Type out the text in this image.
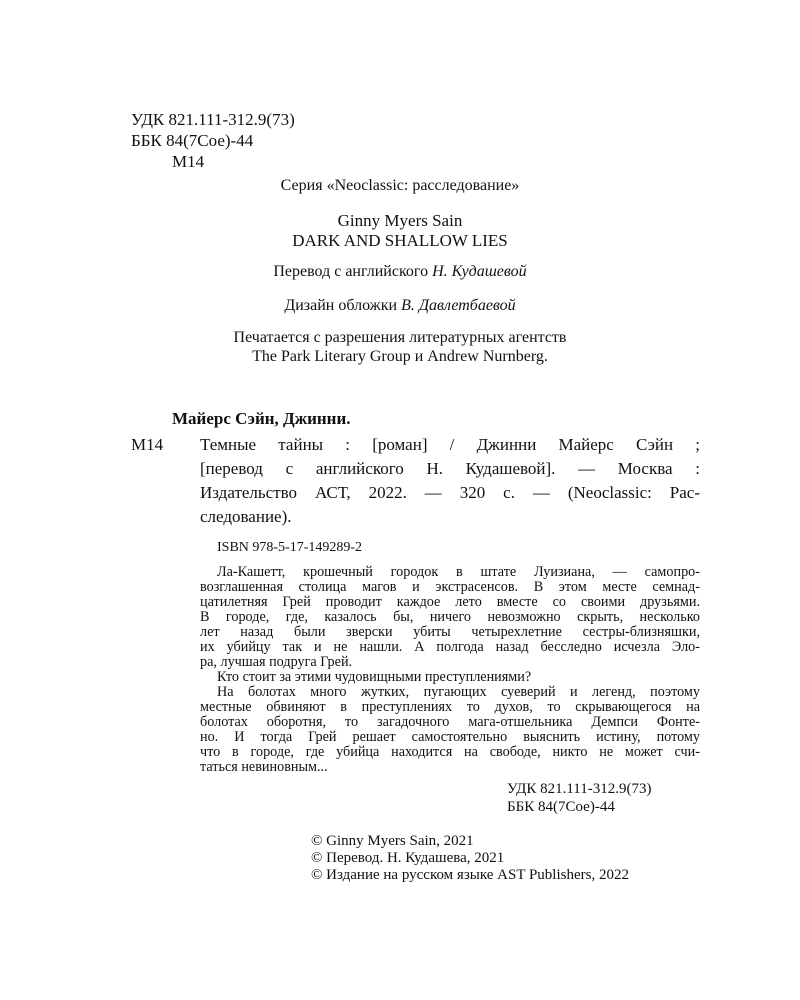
УДК 821.111-312.9(73)
ББК 84(7Сое)-44
М14
Серия «Neoclassic: расследование»
Ginny Myers Sain
DARK AND SHALLOW LIES
Перевод с английского Н. Кудашевой
Дизайн обложки В. Давлетбаевой
Печатается с разрешения литературных агентств
The Park Literary Group и Andrew Nurnberg.
Майерс Сэйн, Джинни.
М14 Темные тайны : [роман] / Джинни Майерс Сэйн ;
[перевод с английского Н. Кудашевой]. — Москва :
Издательство АСТ, 2022. — 320 с. — (Neoclassic: Рас-
следование).
ISBN 978-5-17-149289-2
Ла-Кашетт, крошечный городок в штате Луизиана, — самопро-
возглашенная столица магов и экстрасенсов. В этом месте семнад-
цатилетняя Грей проводит каждое лето вместе со своими друзьями.
В городе, где, казалось бы, ничего невозможно скрыть, несколько
лет назад были зверски убиты четырехлетние сестры-близняшки,
их убийцу так и не нашли. А полгода назад бесследно исчезла Эло-
ра, лучшая подруга Грей.
Кто стоит за этими чудовищными преступлениями?
На болотах много жутких, пугающих суеверий и легенд, поэтому
местные обвиняют в преступлениях то духов, то скрывающегося на
болотах оборотня, то загадочного мага-отшельника Демпси Фонте-
но. И тогда Грей решает самостоятельно выяснить истину, потому
что в городе, где убийца находится на свободе, никто не может счи-
таться невиновным...
УДК 821.111-312.9(73)
ББК 84(7Сое)-44
© Ginny Myers Sain, 2021
© Перевод. Н. Кудашева, 2021
© Издание на русском языке AST Publishers, 2022
